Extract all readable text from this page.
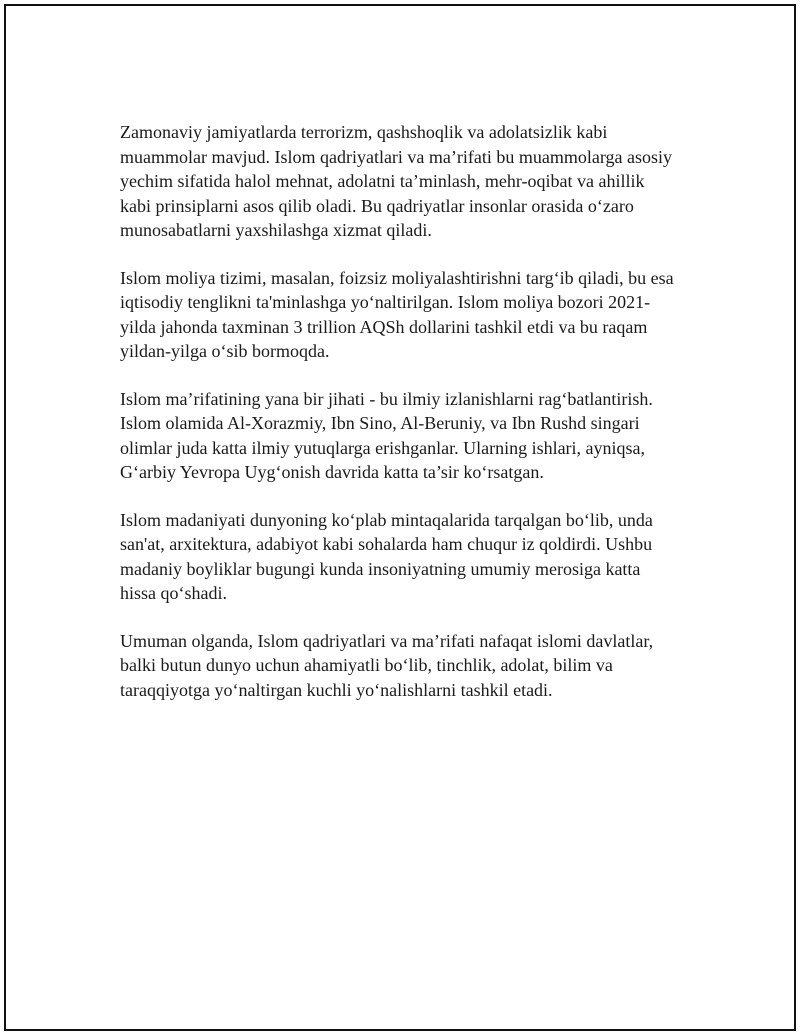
Zamonaviy jamiyatlarda terrorizm, qashshoqlik va adolatsizlik kabi
muammolar mavjud. Islom qadriyatlari va ma’rifati bu muammolarga asosiy
yechim sifatida halol mehnat, adolatni ta’minlash, mehr-oqibat va ahillik
kabi prinsiplarni asos qilib oladi. Bu qadriyatlar insonlar orasida o‘zaro
munosabatlarni yaxshilashga xizmat qiladi.

Islom moliya tizimi, masalan, foizsiz moliyalashtirishni targ‘ib qiladi, bu esa
iqtisodiy tenglikni ta'minlashga yo‘naltirilgan. Islom moliya bozori 2021-
yilda jahonda taxminan 3 trillion AQSh dollarini tashkil etdi va bu raqam
yildan-yilga o‘sib bormoqda.

Islom ma’rifatining yana bir jihati - bu ilmiy izlanishlarni rag‘batlantirish.
Islom olamida Al-Xorazmiy, Ibn Sino, Al-Beruniy, va Ibn Rushd singari
olimlar juda katta ilmiy yutuqlarga erishganlar. Ularning ishlari, ayniqsa,
G‘arbiy Yevropa Uyg‘onish davrida katta ta’sir ko‘rsatgan.

Islom madaniyati dunyoning ko‘plab mintaqalarida tarqalgan bo‘lib, unda
san'at, arxitektura, adabiyot kabi sohalarda ham chuqur iz qoldirdi. Ushbu
madaniy boyliklar bugungi kunda insoniyatning umumiy merosiga katta
hissa qo‘shadi.

Umuman olganda, Islom qadriyatlari va ma’rifati nafaqat islomi davlatlar,
balki butun dunyo uchun ahamiyatli bo‘lib, tinchlik, adolat, bilim va
taraqqiyotga yo‘naltirgan kuchli yo‘nalishlarni tashkil etadi.
